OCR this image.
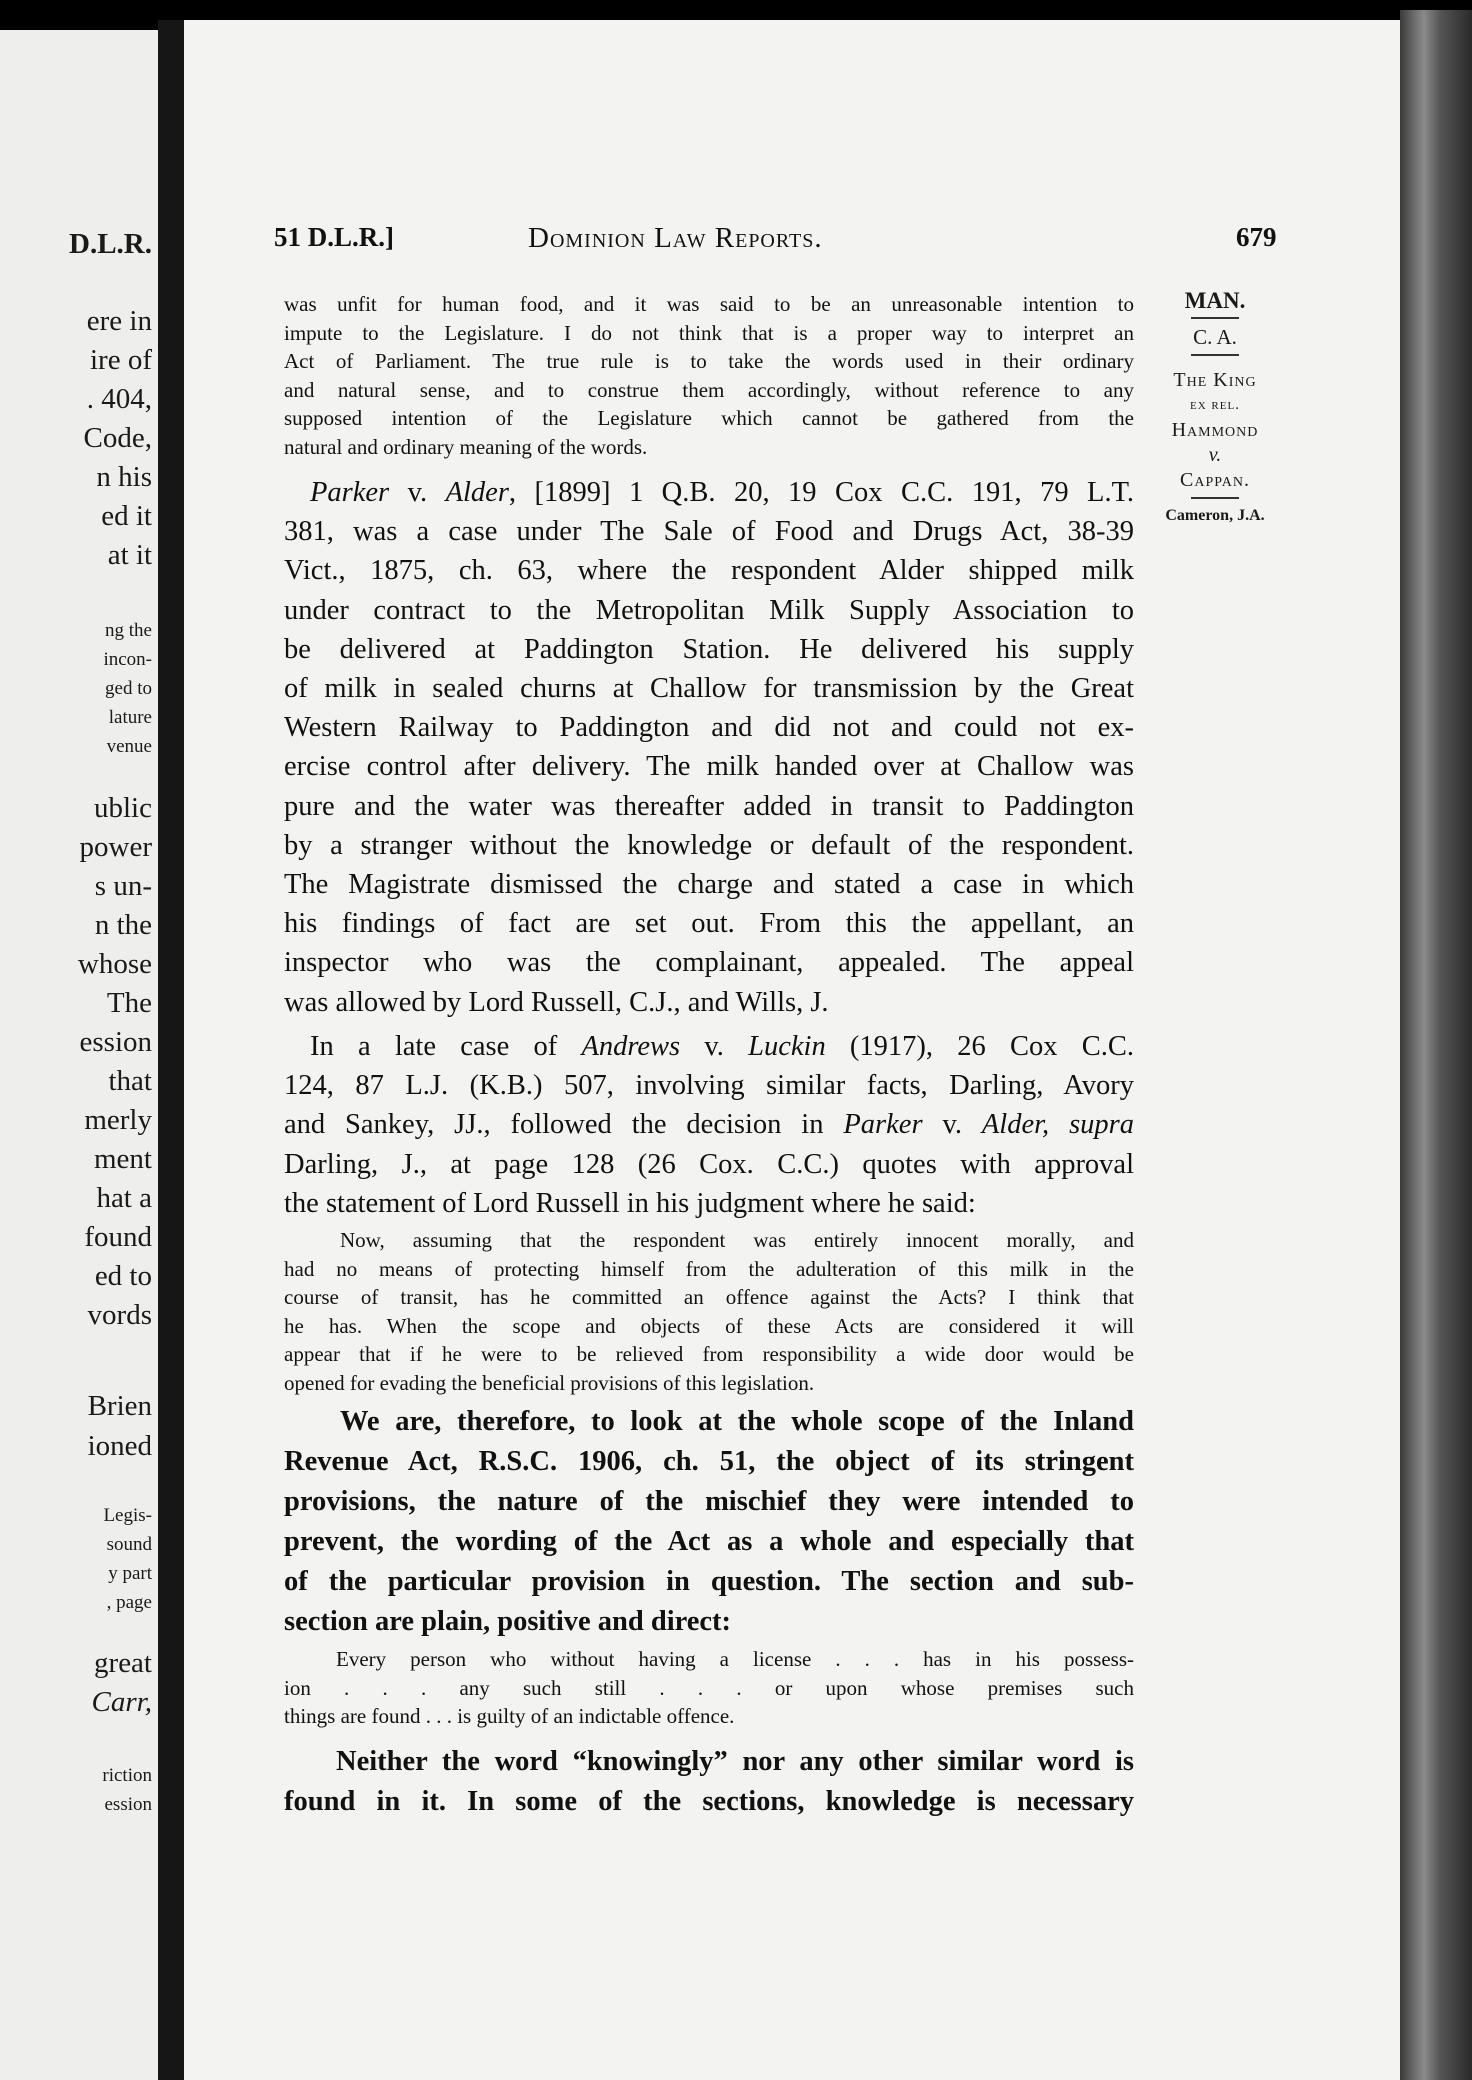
D.L.R.
ere in
ire of
. 404,
Code,
n his
ed it
at it
ng the
incon-
ged to
lature
venue
ublic
power
s un-
n the
whose
The
ession
that
merly
ment
hat a
found
ed to
vords
Brien
ioned
Legis-
sound
y part
, page
great
Carr,
riction
ession
51 D.L.R.]	Dominion Law Reports.	679
MAN.
C. A.
The King
ex rel.
Hammond
v.
Cappan.
Cameron, J.A.
was unfit for human food, and it was said to be an unreasonable intention to
impute to the Legislature. I do not think that is a proper way to interpret an
Act of Parliament. The true rule is to take the words used in their ordinary
and natural sense, and to construe them accordingly, without reference to any
supposed intention of the Legislature which cannot be gathered from the
natural and ordinary meaning of the words.
Parker v. Alder, [1899] 1 Q.B. 20, 19 Cox C.C. 191, 79 L.T.
381, was a case under The Sale of Food and Drugs Act, 38-39
Vict., 1875, ch. 63, where the respondent Alder shipped milk
under contract to the Metropolitan Milk Supply Association to
be delivered at Paddington Station. He delivered his supply
of milk in sealed churns at Challow for transmission by the Great
Western Railway to Paddington and did not and could not ex-
ercise control after delivery. The milk handed over at Challow was
pure and the water was thereafter added in transit to Paddington
by a stranger without the knowledge or default of the respondent.
The Magistrate dismissed the charge and stated a case in which
his findings of fact are set out. From this the appellant, an
inspector who was the complainant, appealed. The appeal
was allowed by Lord Russell, C.J., and Wills, J.
In a late case of Andrews v. Luckin (1917), 26 Cox C.C.
124, 87 L.J. (K.B.) 507, involving similar facts, Darling, Avory
and Sankey, JJ., followed the decision in Parker v. Alder, supra
Darling, J., at page 128 (26 Cox. C.C.) quotes with approval
the statement of Lord Russell in his judgment where he said:
Now, assuming that the respondent was entirely innocent morally, and
had no means of protecting himself from the adulteration of this milk in the
course of transit, has he committed an offence against the Acts? I think that
he has. When the scope and objects of these Acts are considered it will
appear that if he were to be relieved from responsibility a wide door would be
opened for evading the beneficial provisions of this legislation.
We are, therefore, to look at the whole scope of the Inland
Revenue Act, R.S.C. 1906, ch. 51, the object of its stringent
provisions, the nature of the mischief they were intended to
prevent, the wording of the Act as a whole and especially that
of the particular provision in question. The section and sub-
section are plain, positive and direct:
Every person who without having a license . . . has in his possess-
ion . . . any such still . . . or upon whose premises such
things are found . . . is guilty of an indictable offence.
Neither the word “knowingly” nor any other similar word is
found in it. In some of the sections, knowledge is necessary
